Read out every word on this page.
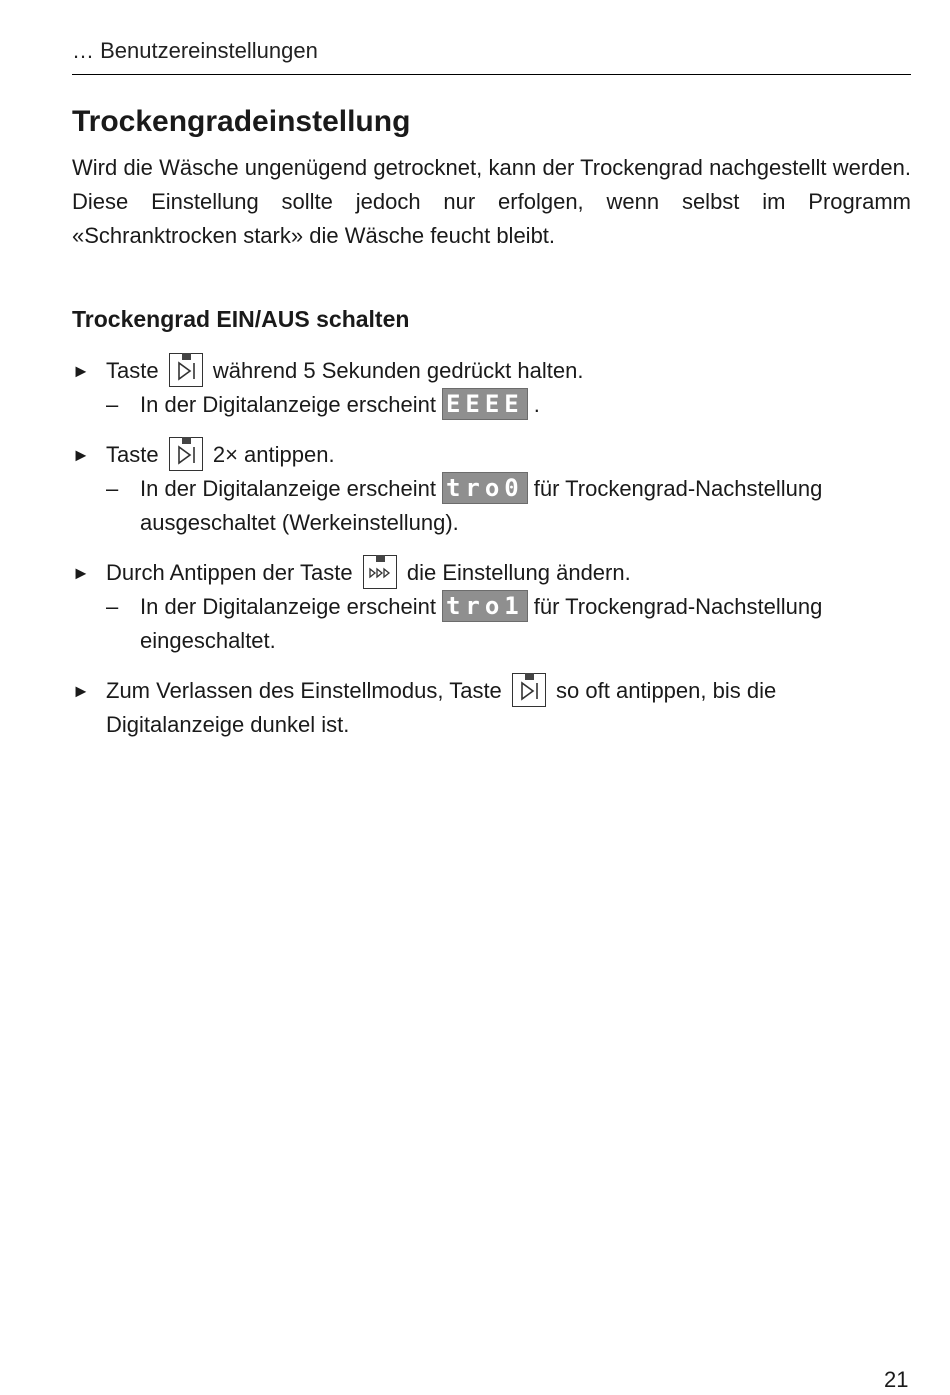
… Benutzereinstellungen
Trockengradeinstellung

Wird die Wäsche ungenügend getrocknet, kann der Trockengrad nachgestellt werden. Diese Einstellung sollte jedoch nur erfolgen, wenn selbst im Programm «Schranktrocken stark» die Wäsche feucht bleibt.

Trockengrad EIN/AUS schalten
► Taste während 5 Sekunden gedrückt halten.
– In der Digitalanzeige erscheint EEEE .
► Taste 2× antippen.
– In der Digitalanzeige erscheint tro0 für Trockengrad-Nachstellung ausgeschaltet (Werkeinstellung).
► Durch Antippen der Taste die Einstellung ändern.
– In der Digitalanzeige erscheint tro1 für Trockengrad-Nachstellung eingeschaltet.
► Zum Verlassen des Einstellmodus, Taste so oft antippen, bis die Digitalanzeige dunkel ist.
21
